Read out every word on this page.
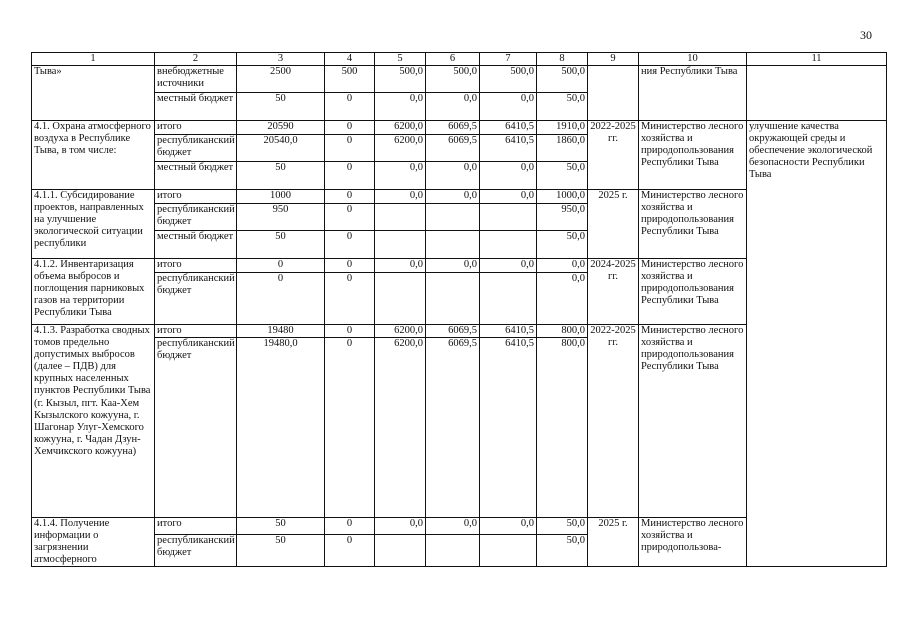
30
1	2	3	4	5	6	7	8	9	10	11
Тыва»	внебюджетные источники	2500	500	500,0	500,0	500,0	500,0		ния Республики Тыва	
	местный бюджет	50	0	0,0	0,0	0,0	50,0			
4.1. Охрана атмосферного воздуха в Республике Тыва, в том числе:	итого	20590	0	6200,0	6069,5	6410,5	1910,0	2022-2025 гг.	Министерство лесного хозяйства и природопользования Республики Тыва	улучшение качества окружающей среды и обеспечение экологической безопасности Республики Тыва
	республиканский бюджет	20540,0	0	6200,0	6069,5	6410,5	1860,0			
	местный бюджет	50	0	0,0	0,0	0,0	50,0			
4.1.1. Субсидирование проектов, направленных на улучшение экологической ситуации республики	итого	1000	0	0,0	0,0	0,0	1000,0	2025 г.	Министерство лесного хозяйства и природопользования Республики Тыва	
	республиканский бюджет	950	0				950,0			
	местный бюджет	50	0				50,0			
4.1.2. Инвентаризация объема выбросов и поглощения парниковых газов на территории Республики Тыва	итого	0	0	0,0	0,0	0,0	0,0	2024-2025 гг.	Министерство лесного хозяйства и природопользования Республики Тыва	
	республиканский бюджет	0	0				0,0			
4.1.3. Разработка сводных томов предельно допустимых выбросов (далее – ПДВ) для крупных населенных пунктов Республики Тыва (г. Кызыл, пгт. Каа-Хем Кызылского кожууна, г. Шагонар Улуг-Хемского кожууна, г. Чадан Дзун-Хемчикского кожууна)	итого	19480	0	6200,0	6069,5	6410,5	800,0	2022-2025 гг.	Министерство лесного хозяйства и природопользования Республики Тыва	
	республиканский бюджет	19480,0	0	6200,0	6069,5	6410,5	800,0			
4.1.4. Получение информации о загрязнении атмосферного	итого	50	0	0,0	0,0	0,0	50,0	2025 г.	Министерство лесного хозяйства и природопользова-	
	республиканский бюджет	50	0				50,0			
